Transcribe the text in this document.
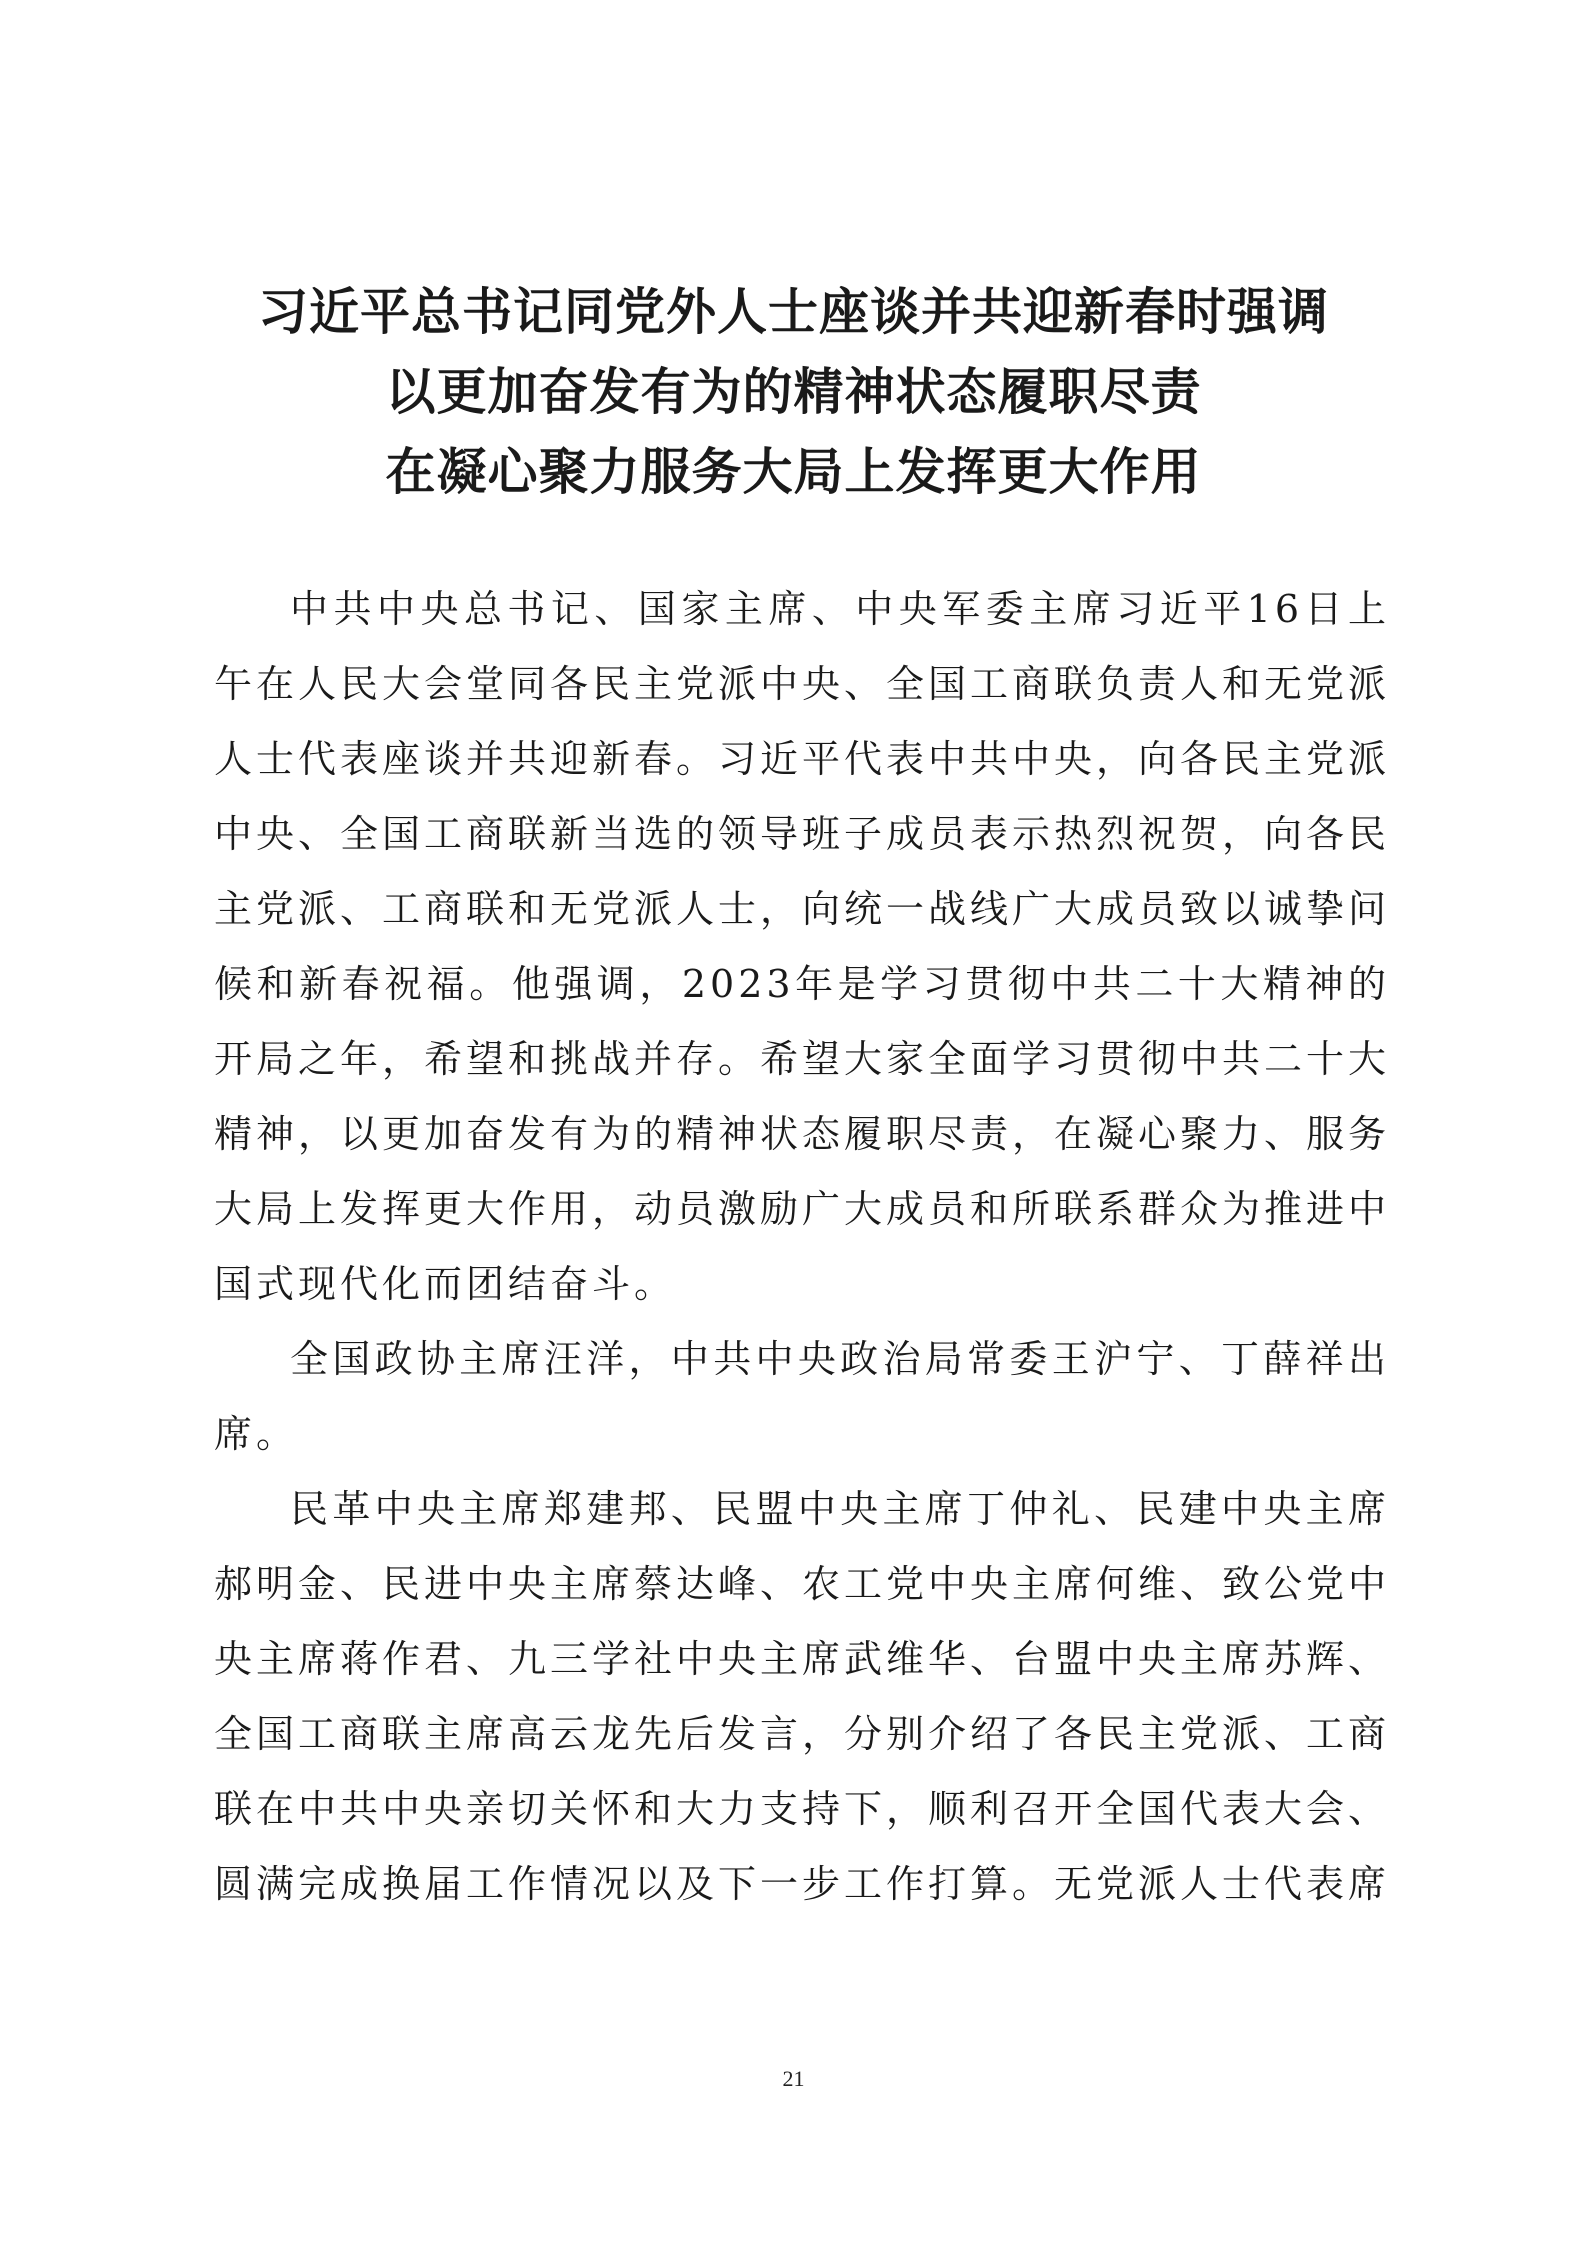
习近平总书记同党外人士座谈并共迎新春时强调
以更加奋发有为的精神状态履职尽责
在凝心聚力服务大局上发挥更大作用

中共中央总书记、国家主席、中央军委主席习近平16日上午在人民大会堂同各民主党派中央、全国工商联负责人和无党派人士代表座谈并共迎新春。习近平代表中共中央，向各民主党派中央、全国工商联新当选的领导班子成员表示热烈祝贺，向各民主党派、工商联和无党派人士，向统一战线广大成员致以诚挚问候和新春祝福。他强调，2023年是学习贯彻中共二十大精神的开局之年，希望和挑战并存。希望大家全面学习贯彻中共二十大精神，以更加奋发有为的精神状态履职尽责，在凝心聚力、服务大局上发挥更大作用，动员激励广大成员和所联系群众为推进中国式现代化而团结奋斗。

全国政协主席汪洋，中共中央政治局常委王沪宁、丁薛祥出席。

民革中央主席郑建邦、民盟中央主席丁仲礼、民建中央主席郝明金、民进中央主席蔡达峰、农工党中央主席何维、致公党中央主席蒋作君、九三学社中央主席武维华、台盟中央主席苏辉、全国工商联主席高云龙先后发言，分别介绍了各民主党派、工商联在中共中央亲切关怀和大力支持下，顺利召开全国代表大会、圆满完成换届工作情况以及下一步工作打算。无党派人士代表席

21
